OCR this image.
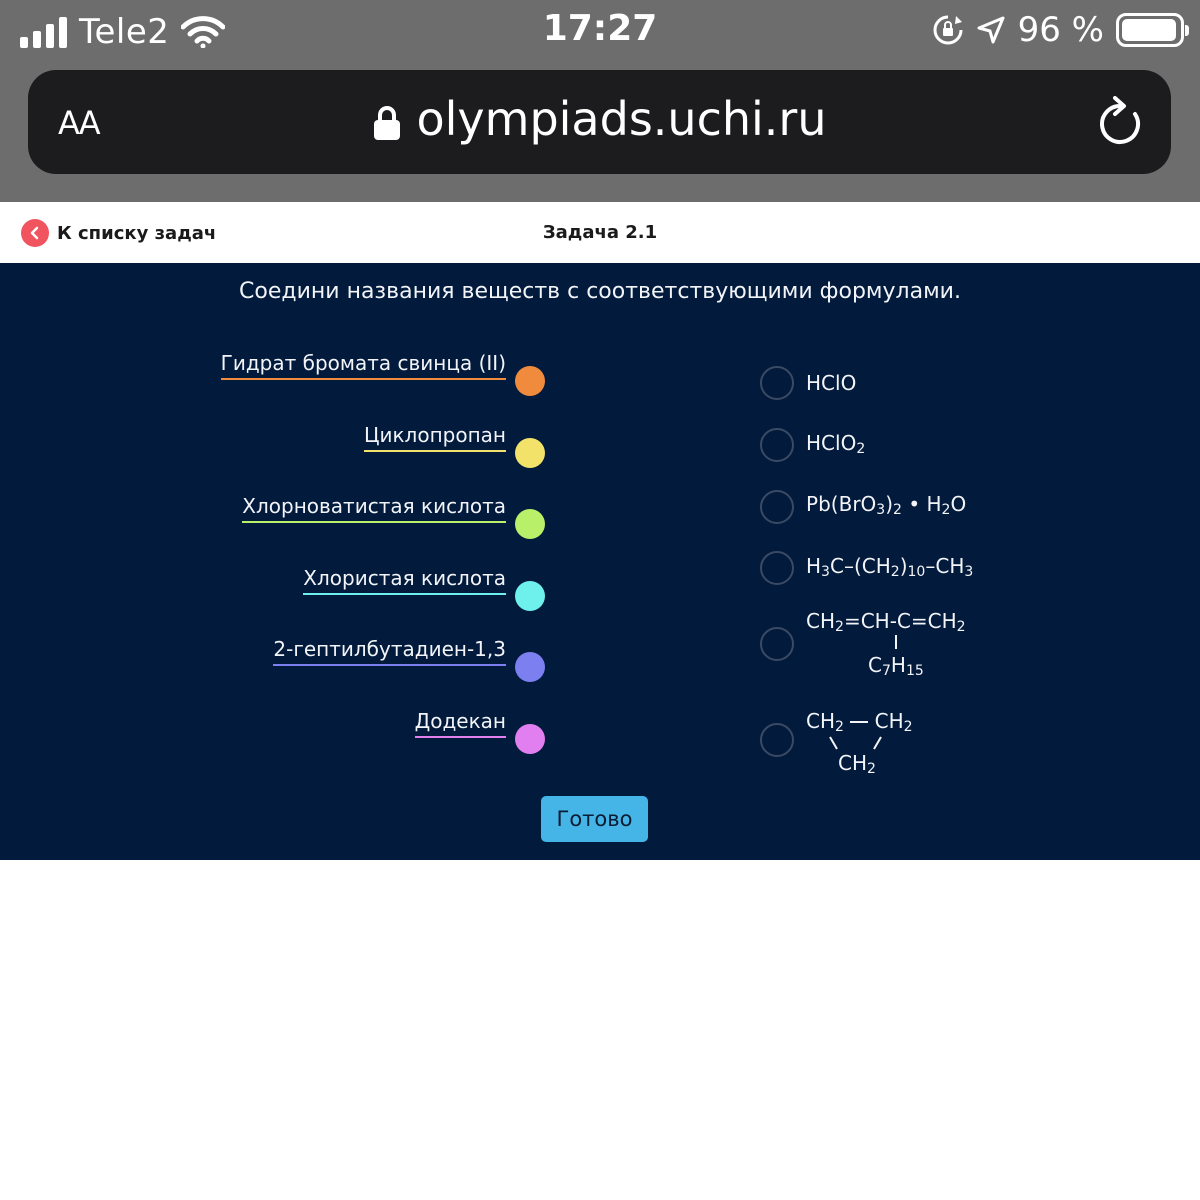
Tele2	17:27	96 %
AA	olympiads.uchi.ru
К списку задач	Задача 2.1
Соедини названия веществ с соответствующими формулами.
Гидрат бромата свинца (II)
Циклопропан
Хлорноватистая кислота
Хлористая кислота
2-гептилбутадиен-1,3
Додекан
HClO
HClO$_2$
$Pb(BrO_3)_2$ • $H_2O$
$H_3C-(CH_2)_{10}-CH_3$
$CH_2=CH-C=CH_2$
$C_7H_{15}$
$CH_2$  $CH_2$
$CH_2$
Готово
